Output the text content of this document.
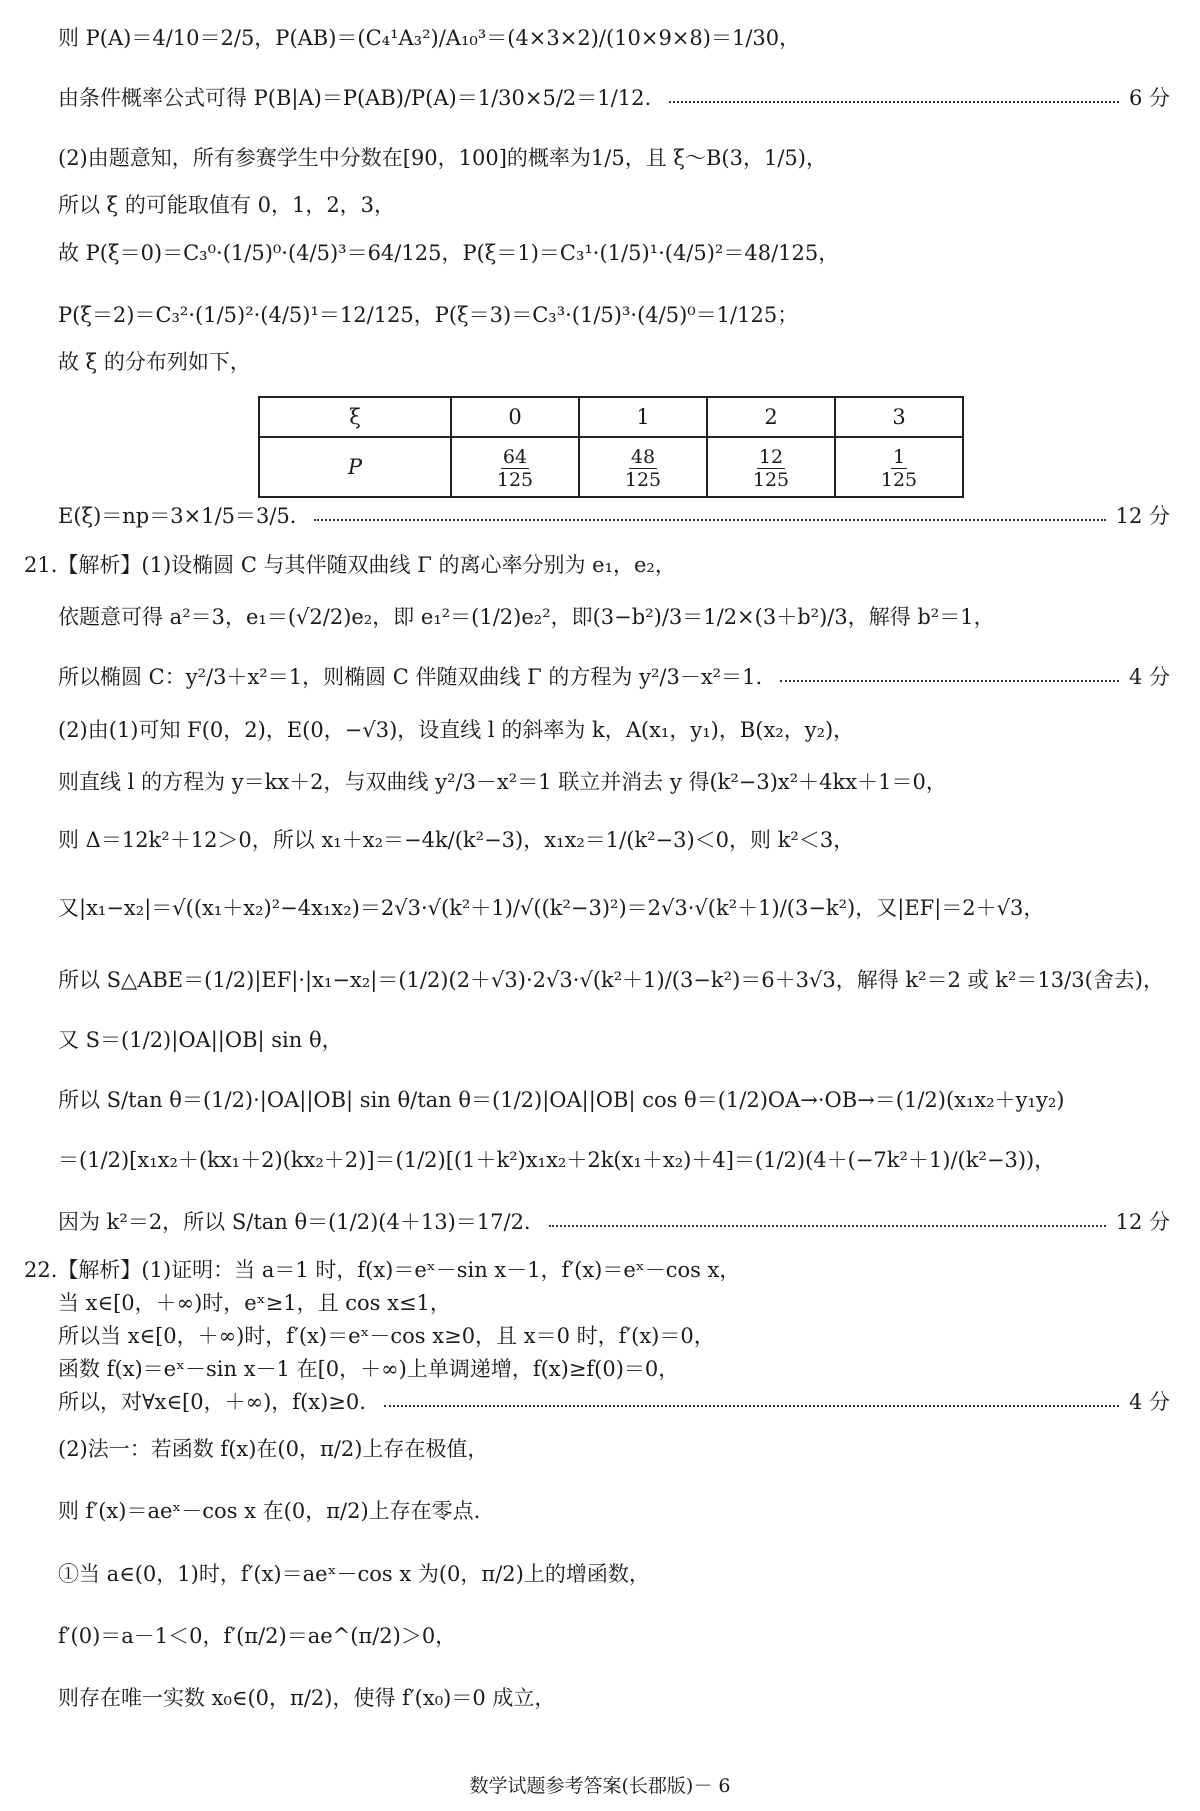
则 P(A)＝4/10＝2/5，P(AB)＝(C₄¹A₃²)/A₁₀³＝(4×3×2)/(10×9×8)＝1/30，
由条件概率公式可得 P(B|A)＝P(AB)/P(A)＝1/30×5/2＝1/12.	6 分
(2)由题意知，所有参赛学生中分数在[90，100]的概率为1/5，且 ξ～B(3，1/5)，
所以 ξ 的可能取值有 0，1，2，3，
故 P(ξ＝0)＝C₃⁰·(1/5)⁰·(4/5)³＝64/125，P(ξ＝1)＝C₃¹·(1/5)¹·(4/5)²＝48/125，
P(ξ＝2)＝C₃²·(1/5)²·(4/5)¹＝12/125，P(ξ＝3)＝C₃³·(1/5)³·(4/5)⁰＝1/125；
故 ξ 的分布列如下，
E(ξ)＝np＝3×1/5＝3/5.	12 分
21.【解析】(1)设椭圆 C 与其伴随双曲线 Γ 的离心率分别为 e₁，e₂，
依题意可得 a²＝3，e₁＝(√2/2)e₂，即 e₁²＝(1/2)e₂²，即(3−b²)/3＝1/2×(3＋b²)/3，解得 b²＝1，
所以椭圆 C：y²/3＋x²＝1，则椭圆 C 伴随双曲线 Γ 的方程为 y²/3－x²＝1.	4 分
(2)由(1)可知 F(0，2)，E(0，−√3)，设直线 l 的斜率为 k，A(x₁，y₁)，B(x₂，y₂)，
则直线 l 的方程为 y＝kx＋2，与双曲线 y²/3－x²＝1 联立并消去 y 得(k²−3)x²＋4kx＋1＝0，
则 Δ＝12k²＋12＞0，所以 x₁＋x₂＝−4k/(k²−3)，x₁x₂＝1/(k²−3)＜0，则 k²＜3，
又|x₁−x₂|＝√((x₁＋x₂)²−4x₁x₂)＝2√3·√(k²＋1)/√((k²−3)²)＝2√3·√(k²＋1)/(3−k²)，又|EF|＝2＋√3，
所以 S△ABE＝(1/2)|EF|·|x₁−x₂|＝(1/2)(2＋√3)·2√3·√(k²＋1)/(3−k²)＝6＋3√3，解得 k²＝2 或 k²＝13/3(舍去)，
又 S＝(1/2)|OA||OB| sin θ，
所以 S/tan θ＝(1/2)·|OA||OB| sin θ/tan θ＝(1/2)|OA||OB| cos θ＝(1/2)OA→·OB→＝(1/2)(x₁x₂＋y₁y₂)
＝(1/2)[x₁x₂＋(kx₁＋2)(kx₂＋2)]＝(1/2)[(1＋k²)x₁x₂＋2k(x₁＋x₂)＋4]＝(1/2)(4＋(−7k²＋1)/(k²−3))，
因为 k²＝2，所以 S/tan θ＝(1/2)(4＋13)＝17/2.	12 分
22.【解析】(1)证明：当 a＝1 时，f(x)＝eˣ－sin x－1，f′(x)＝eˣ－cos x，
当 x∈[0，＋∞)时，eˣ≥1，且 cos x≤1，
所以当 x∈[0，＋∞)时，f′(x)＝eˣ－cos x≥0，且 x＝0 时，f′(x)＝0，
函数 f(x)＝eˣ－sin x－1 在[0，＋∞)上单调递增，f(x)≥f(0)＝0，
所以，对∀x∈[0，＋∞)，f(x)≥0.	4 分
(2)法一：若函数 f(x)在(0，π/2)上存在极值，
则 f′(x)＝aeˣ－cos x 在(0，π/2)上存在零点.
①当 a∈(0，1)时，f′(x)＝aeˣ－cos x 为(0，π/2)上的增函数，
f′(0)＝a－1＜0，f′(π/2)＝ae^(π/2)＞0，
则存在唯一实数 x₀∈(0，π/2)，使得 f′(x₀)＝0 成立，
ξ	0	1	2	3
P	$\frac{64}{125}$	$\frac{48}{125}$	$\frac{12}{125}$	$\frac{1}{125}$
数学试题参考答案(长郡版)－ 6
